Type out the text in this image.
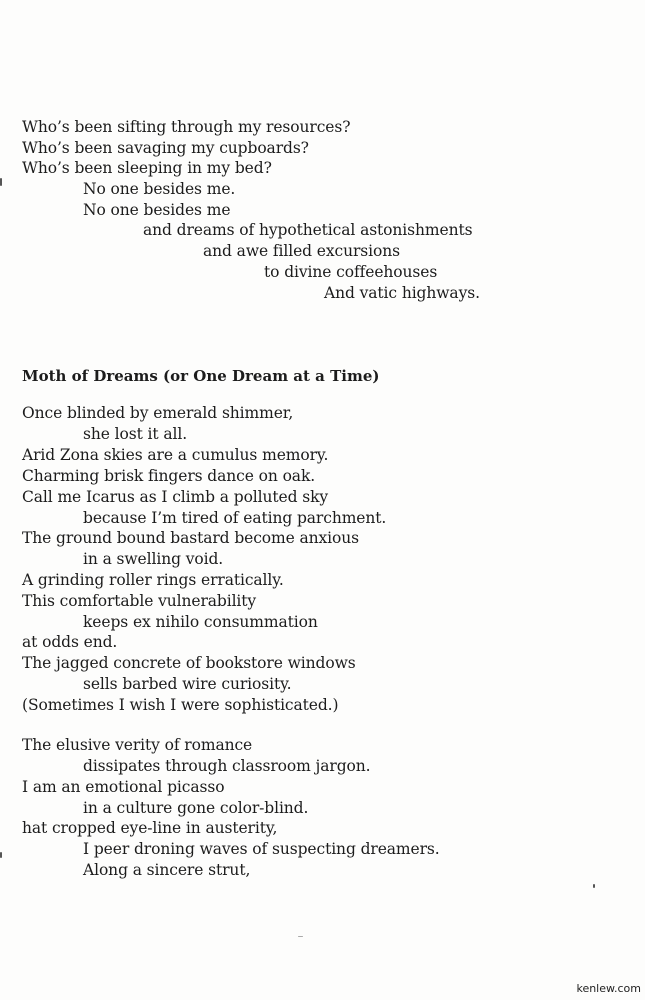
Who’s been sifting through my resources?
Who’s been savaging my cupboards?
Who’s been sleeping in my bed?
No one besides me.
No one besides me
and dreams of hypothetical astonishments
and awe filled excursions
to divine coffeehouses
And vatic highways.
Moth of Dreams (or One Dream at a Time)
Once blinded by emerald shimmer,
she lost it all.
Arid Zona skies are a cumulus memory.
Charming brisk fingers dance on oak.
Call me Icarus as I climb a polluted sky
because I’m tired of eating parchment.
The ground bound bastard become anxious
in a swelling void.
A grinding roller rings erratically.
This comfortable vulnerability
keeps ex nihilo consummation
at odds end.
The jagged concrete of bookstore windows
sells barbed wire curiosity.
(Sometimes I wish I were sophisticated.)
The elusive verity of romance
dissipates through classroom jargon.
I am an emotional picasso
in a culture gone color-blind.
hat cropped eye-line in austerity,
I peer droning waves of suspecting dreamers.
Along a sincere strut,
kenlew.com
